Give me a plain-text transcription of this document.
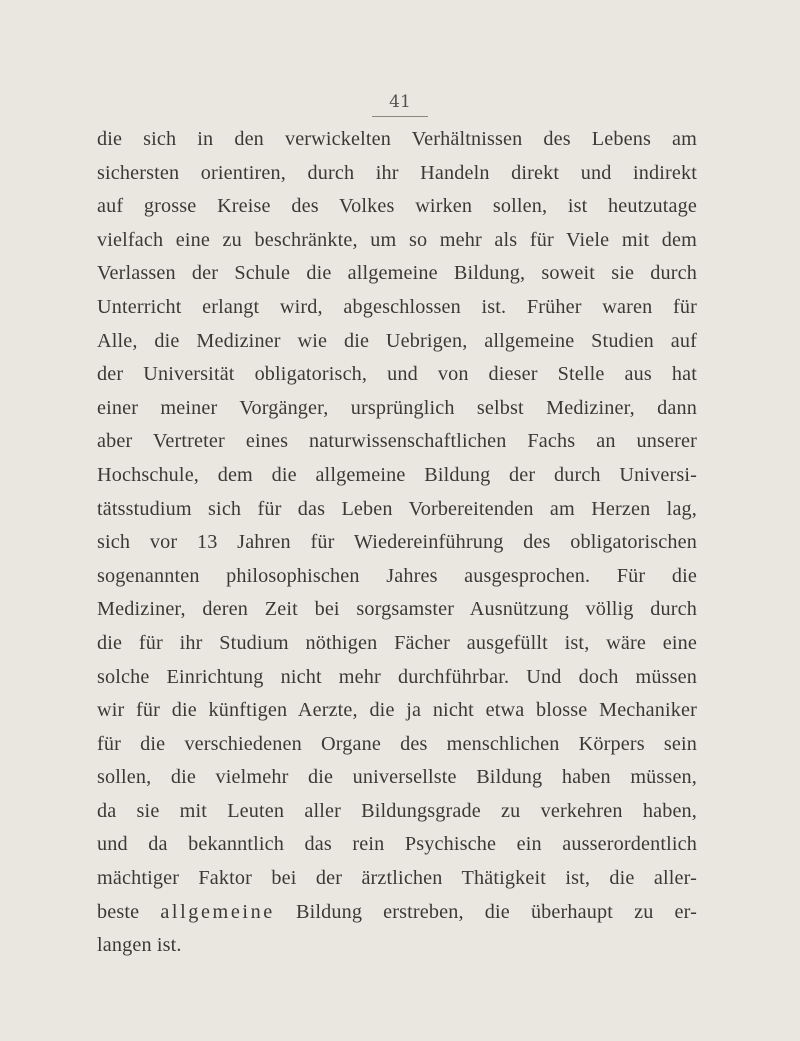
41
die sich in den verwickelten Verhältnissen des Lebens am
sichersten orientiren, durch ihr Handeln direkt und indirekt
auf grosse Kreise des Volkes wirken sollen, ist heutzutage
vielfach eine zu beschränkte, um so mehr als für Viele mit dem
Verlassen der Schule die allgemeine Bildung, soweit sie durch
Unterricht erlangt wird, abgeschlossen ist. Früher waren für
Alle, die Mediziner wie die Uebrigen, allgemeine Studien auf
der Universität obligatorisch, und von dieser Stelle aus hat
einer meiner Vorgänger, ursprünglich selbst Mediziner, dann
aber Vertreter eines naturwissenschaftlichen Fachs an unserer
Hochschule, dem die allgemeine Bildung der durch Universi-
tätsstudium sich für das Leben Vorbereitenden am Herzen lag,
sich vor 13 Jahren für Wiedereinführung des obligatorischen
sogenannten philosophischen Jahres ausgesprochen. Für die
Mediziner, deren Zeit bei sorgsamster Ausnützung völlig durch
die für ihr Studium nöthigen Fächer ausgefüllt ist, wäre eine
solche Einrichtung nicht mehr durchführbar. Und doch müssen
wir für die künftigen Aerzte, die ja nicht etwa blosse Mechaniker
für die verschiedenen Organe des menschlichen Körpers sein
sollen, die vielmehr die universellste Bildung haben müssen,
da sie mit Leuten aller Bildungsgrade zu verkehren haben,
und da bekanntlich das rein Psychische ein ausserordentlich
mächtiger Faktor bei der ärztlichen Thätigkeit ist, die aller-
beste allgemeine Bildung erstreben, die überhaupt zu er-
langen ist.
